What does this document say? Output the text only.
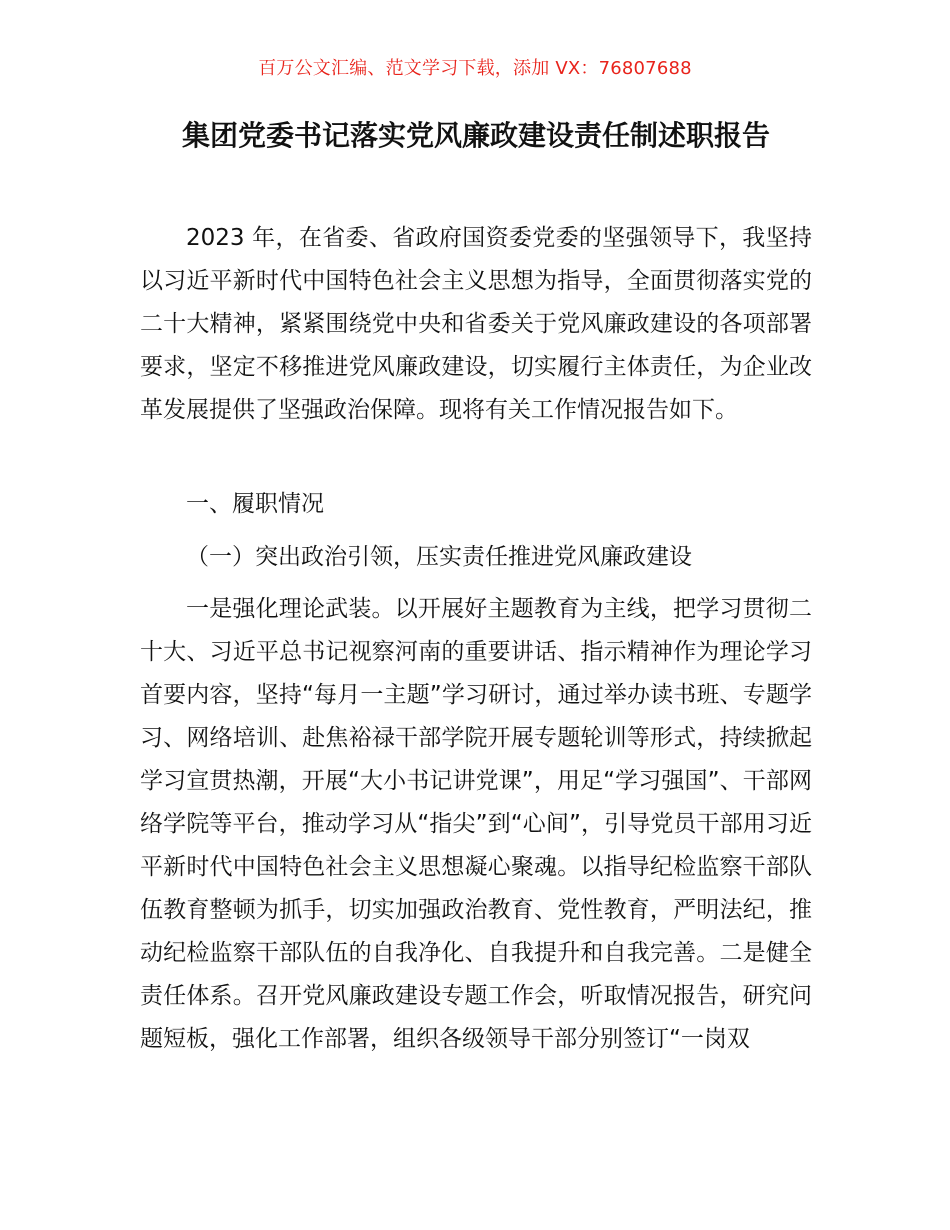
百万公文汇编、范文学习下载，添加 VX：76807688
集团党委书记落实党风廉政建设责任制述职报告

2023 年，在省委、省政府国资委党委的坚强领导下，我坚持以习近平新时代中国特色社会主义思想为指导，全面贯彻落实党的二十大精神，紧紧围绕党中央和省委关于党风廉政建设的各项部署要求，坚定不移推进党风廉政建设，切实履行主体责任，为企业改革发展提供了坚强政治保障。现将有关工作情况报告如下。

一、履职情况

（一）突出政治引领，压实责任推进党风廉政建设

一是强化理论武装。以开展好主题教育为主线，把学习贯彻二十大、习近平总书记视察河南的重要讲话、指示精神作为理论学习首要内容，坚持“每月一主题”学习研讨，通过举办读书班、专题学习、网络培训、赴焦裕禄干部学院开展专题轮训等形式，持续掀起学习宣贯热潮，开展“大小书记讲党课”，用足“学习强国”、干部网络学院等平台，推动学习从“指尖”到“心间”，引导党员干部用习近平新时代中国特色社会主义思想凝心聚魂。以指导纪检监察干部队伍教育整顿为抓手，切实加强政治教育、党性教育，严明法纪，推动纪检监察干部队伍的自我净化、自我提升和自我完善。二是健全责任体系。召开党风廉政建设专题工作会，听取情况报告，研究问题短板，强化工作部署，组织各级领导干部分别签订“一岗双
